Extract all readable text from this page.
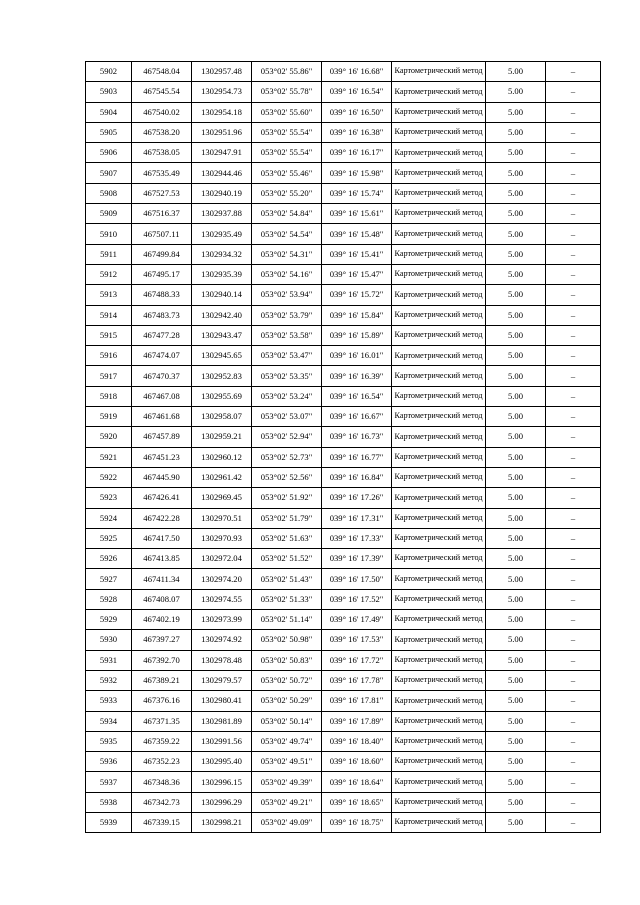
5902	467548.04	1302957.48	053°02' 55.86"	039° 16' 16.68"	Картометрический метод	5.00	–
5903	467545.54	1302954.73	053°02' 55.78"	039° 16' 16.54"	Картометрический метод	5.00	–
5904	467540.02	1302954.18	053°02' 55.60"	039° 16' 16.50"	Картометрический метод	5.00	–
5905	467538.20	1302951.96	053°02' 55.54"	039° 16' 16.38"	Картометрический метод	5.00	–
5906	467538.05	1302947.91	053°02' 55.54"	039° 16' 16.17"	Картометрический метод	5.00	–
5907	467535.49	1302944.46	053°02' 55.46"	039° 16' 15.98"	Картометрический метод	5.00	–
5908	467527.53	1302940.19	053°02' 55.20"	039° 16' 15.74"	Картометрический метод	5.00	–
5909	467516.37	1302937.88	053°02' 54.84"	039° 16' 15.61"	Картометрический метод	5.00	–
5910	467507.11	1302935.49	053°02' 54.54"	039° 16' 15.48"	Картометрический метод	5.00	–
5911	467499.84	1302934.32	053°02' 54.31"	039° 16' 15.41"	Картометрический метод	5.00	–
5912	467495.17	1302935.39	053°02' 54.16"	039° 16' 15.47"	Картометрический метод	5.00	–
5913	467488.33	1302940.14	053°02' 53.94"	039° 16' 15.72"	Картометрический метод	5.00	–
5914	467483.73	1302942.40	053°02' 53.79"	039° 16' 15.84"	Картометрический метод	5.00	–
5915	467477.28	1302943.47	053°02' 53.58"	039° 16' 15.89"	Картометрический метод	5.00	–
5916	467474.07	1302945.65	053°02' 53.47"	039° 16' 16.01"	Картометрический метод	5.00	–
5917	467470.37	1302952.83	053°02' 53.35"	039° 16' 16.39"	Картометрический метод	5.00	–
5918	467467.08	1302955.69	053°02' 53.24"	039° 16' 16.54"	Картометрический метод	5.00	–
5919	467461.68	1302958.07	053°02' 53.07"	039° 16' 16.67"	Картометрический метод	5.00	–
5920	467457.89	1302959.21	053°02' 52.94"	039° 16' 16.73"	Картометрический метод	5.00	–
5921	467451.23	1302960.12	053°02' 52.73"	039° 16' 16.77"	Картометрический метод	5.00	–
5922	467445.90	1302961.42	053°02' 52.56"	039° 16' 16.84"	Картометрический метод	5.00	–
5923	467426.41	1302969.45	053°02' 51.92"	039° 16' 17.26"	Картометрический метод	5.00	–
5924	467422.28	1302970.51	053°02' 51.79"	039° 16' 17.31"	Картометрический метод	5.00	–
5925	467417.50	1302970.93	053°02' 51.63"	039° 16' 17.33"	Картометрический метод	5.00	–
5926	467413.85	1302972.04	053°02' 51.52"	039° 16' 17.39"	Картометрический метод	5.00	–
5927	467411.34	1302974.20	053°02' 51.43"	039° 16' 17.50"	Картометрический метод	5.00	–
5928	467408.07	1302974.55	053°02' 51.33"	039° 16' 17.52"	Картометрический метод	5.00	–
5929	467402.19	1302973.99	053°02' 51.14"	039° 16' 17.49"	Картометрический метод	5.00	–
5930	467397.27	1302974.92	053°02' 50.98"	039° 16' 17.53"	Картометрический метод	5.00	–
5931	467392.70	1302978.48	053°02' 50.83"	039° 16' 17.72"	Картометрический метод	5.00	–
5932	467389.21	1302979.57	053°02' 50.72"	039° 16' 17.78"	Картометрический метод	5.00	–
5933	467376.16	1302980.41	053°02' 50.29"	039° 16' 17.81"	Картометрический метод	5.00	–
5934	467371.35	1302981.89	053°02' 50.14"	039° 16' 17.89"	Картометрический метод	5.00	–
5935	467359.22	1302991.56	053°02' 49.74"	039° 16' 18.40"	Картометрический метод	5.00	–
5936	467352.23	1302995.40	053°02' 49.51"	039° 16' 18.60"	Картометрический метод	5.00	–
5937	467348.36	1302996.15	053°02' 49.39"	039° 16' 18.64"	Картометрический метод	5.00	–
5938	467342.73	1302996.29	053°02' 49.21"	039° 16' 18.65"	Картометрический метод	5.00	–
5939	467339.15	1302998.21	053°02' 49.09"	039° 16' 18.75"	Картометрический метод	5.00	–
